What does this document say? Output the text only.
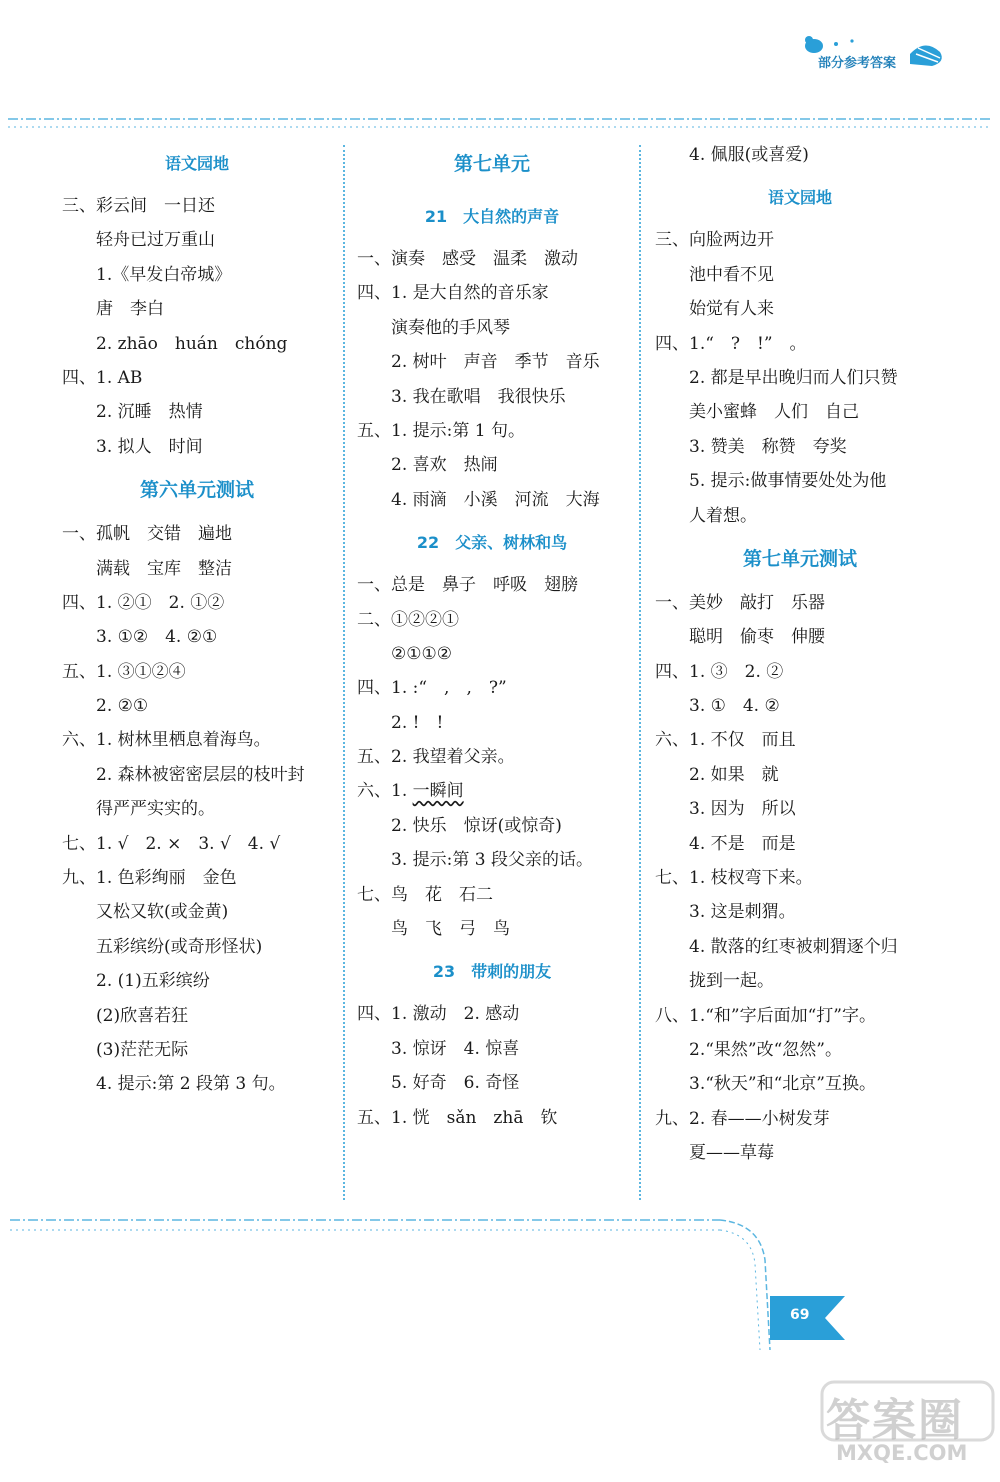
部分参考答案
语文园地
三、彩云间　一日还
轻舟已过万重山
1.《早发白帝城》
唐　李白
2. zhāo　huán　chóng
四、1. AB
2. 沉睡　热情
3. 拟人　时间
第六单元测试
一、孤帆　交错　遍地
满载　宝库　整洁
四、1. ②①　2. ①②
3. ①②　4. ②①
五、1. ③①②④
2. ②①
六、1. 树林里栖息着海鸟。
2. 森林被密密层层的枝叶封
得严严实实的。
七、1. √　2. ×　3. √　4. √
九、1. 色彩绚丽　金色
又松又软(或金黄)
五彩缤纷(或奇形怪状)
2. (1)五彩缤纷
(2)欣喜若狂
(3)茫茫无际
4. 提示:第 2 段第 3 句。
第七单元
21　大自然的声音
一、演奏　感受　温柔　激动
四、1. 是大自然的音乐家
演奏他的手风琴
2. 树叶　声音　季节　音乐
3. 我在歌唱　我很快乐
五、1. 提示:第 1 句。
2. 喜欢　热闹
4. 雨滴　小溪　河流　大海
22　父亲、树林和鸟
一、总是　鼻子　呼吸　翅膀
二、①②②①
②①①②
四、1. :“　,　,　?”
2. !　!
五、2. 我望着父亲。
六、1. 一瞬间
2. 快乐　惊讶(或惊奇)
3. 提示:第 3 段父亲的话。
七、鸟　花　石二
鸟　飞　弓　鸟
23　带刺的朋友
四、1. 激动　2. 感动
3. 惊讶　4. 惊喜
5. 好奇　6. 奇怪
五、1. 恍　sǎn　zhā　钦
4. 佩服(或喜爱)
语文园地
三、向脸两边开
池中看不见
始觉有人来
四、1.“　?　!”　。
2. 都是早出晚归而人们只赞
美小蜜蜂　人们　自己
3. 赞美　称赞　夸奖
5. 提示:做事情要处处为他
人着想。
第七单元测试
一、美妙　敲打　乐器
聪明　偷枣　伸腰
四、1. ③　2. ②
3. ①　4. ②
六、1. 不仅　而且
2. 如果　就
3. 因为　所以
4. 不是　而是
七、1. 枝杈弯下来。
3. 这是刺猬。
4. 散落的红枣被刺猬逐个归
拢到一起。
八、1.“和”字后面加“打”字。
2.“果然”改“忽然”。
3.“秋天”和“北京”互换。
九、2. 春——小树发芽
夏——草莓
69
答案圈
MXQE.COM
